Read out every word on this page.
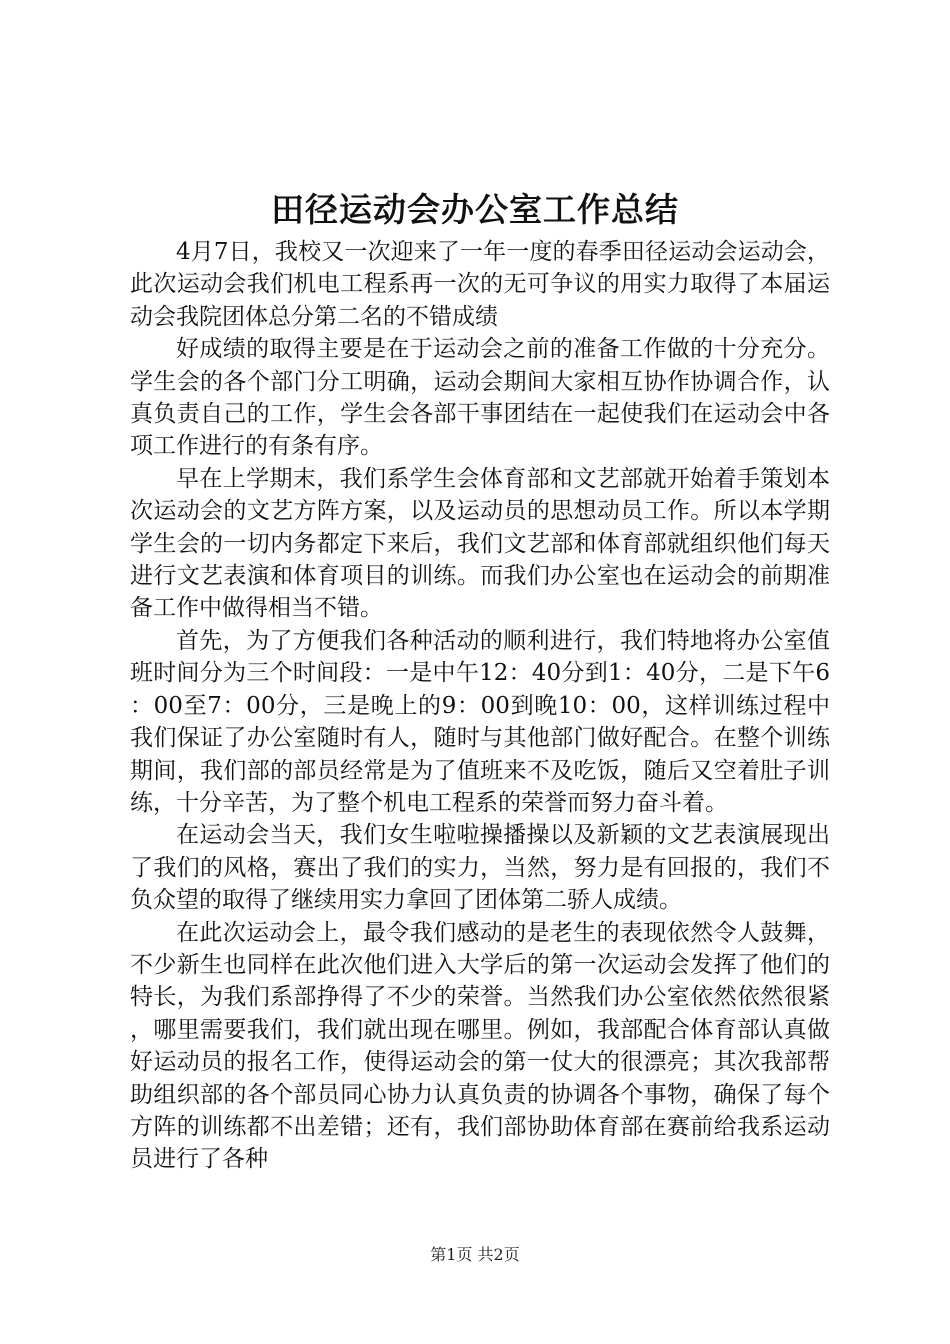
田径运动会办公室工作总结

4月7日，我校又一次迎来了一年一度的春季田径运动会运动会，此次运动会我们机电工程系再一次的无可争议的用实力取得了本届运动会我院团体总分第二名的不错成绩

好成绩的取得主要是在于运动会之前的准备工作做的十分充分。学生会的各个部门分工明确，运动会期间大家相互协作协调合作，认真负责自己的工作，学生会各部干事团结在一起使我们在运动会中各项工作进行的有条有序。

早在上学期末，我们系学生会体育部和文艺部就开始着手策划本次运动会的文艺方阵方案，以及运动员的思想动员工作。所以本学期学生会的一切内务都定下来后，我们文艺部和体育部就组织他们每天进行文艺表演和体育项目的训练。而我们办公室也在运动会的前期准备工作中做得相当不错。

首先，为了方便我们各种活动的顺利进行，我们特地将办公室值班时间分为三个时间段：一是中午12：40分到1：40分，二是下午6：00至7：00分，三是晚上的9：00到晚10：00，这样训练过程中我们保证了办公室随时有人，随时与其他部门做好配合。在整个训练期间，我们部的部员经常是为了值班来不及吃饭，随后又空着肚子训练，十分辛苦，为了整个机电工程系的荣誉而努力奋斗着。

在运动会当天，我们女生啦啦操播操以及新颖的文艺表演展现出了我们的风格，赛出了我们的实力，当然，努力是有回报的，我们不负众望的取得了继续用实力拿回了团体第二骄人成绩。

在此次运动会上，最令我们感动的是老生的表现依然令人鼓舞，不少新生也同样在此次他们进入大学后的第一次运动会发挥了他们的特长，为我们系部挣得了不少的荣誉。当然我们办公室依然依然很紧，哪里需要我们，我们就出现在哪里。例如，我部配合体育部认真做好运动员的报名工作，使得运动会的第一仗大的很漂亮；其次我部帮助组织部的各个部员同心协力认真负责的协调各个事物，确保了每个方阵的训练都不出差错；还有，我们部协助体育部在赛前给我系运动员进行了各种

第1页 共2页
